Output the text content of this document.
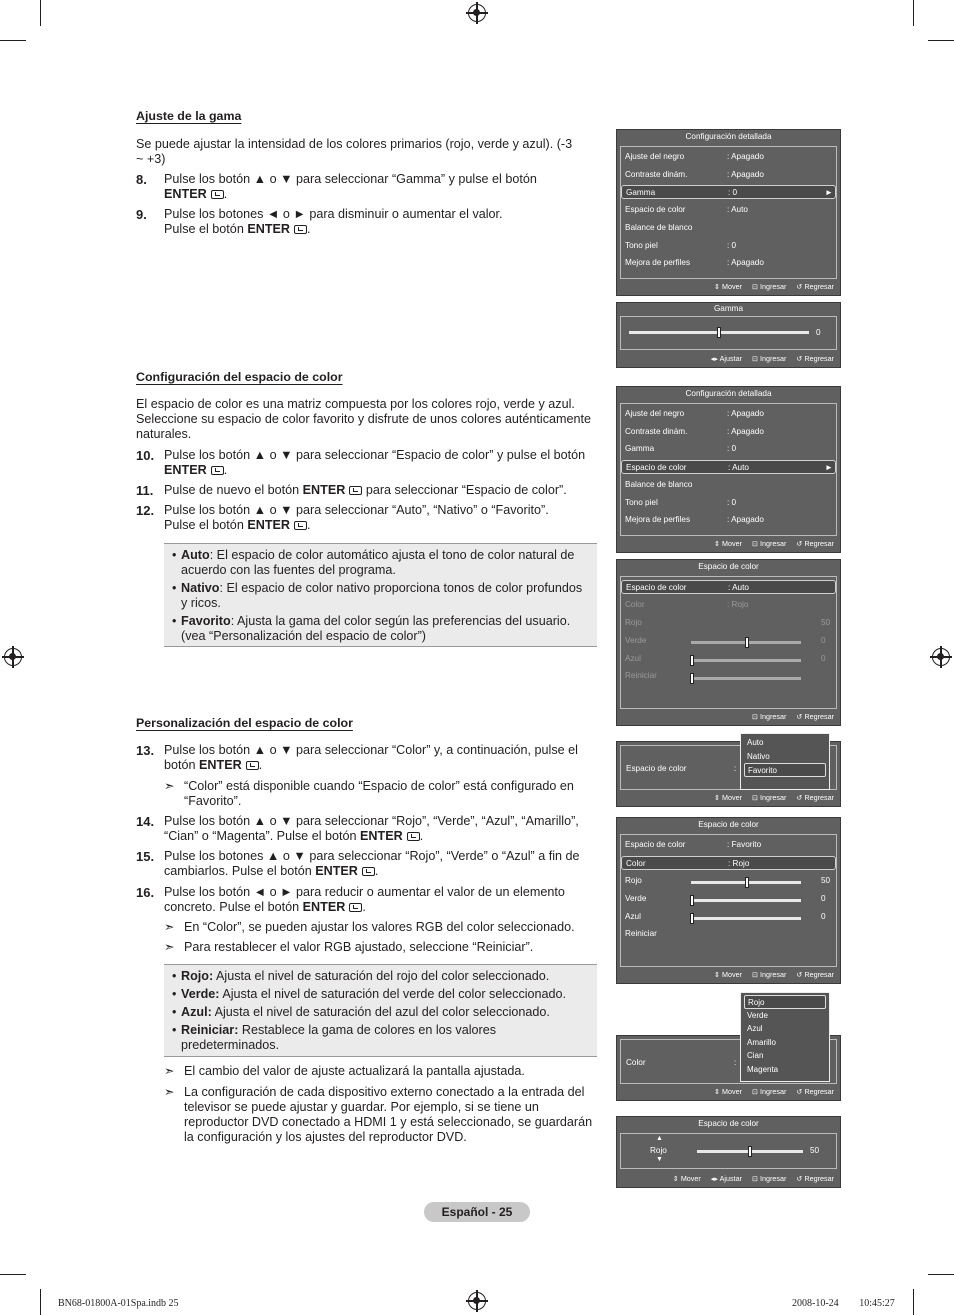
Ajuste de la gama
Se puede ajustar la intensidad de los colores primarios (rojo, verde y azul). (-3 ~ +3)
8. Pulse los botón ▲ o ▼ para seleccionar “Gamma” y pulse el botón
ENTER .
9. Pulse los botones ◄ o ► para disminuir o aumentar el valor.
Pulse el botón ENTER .
Configuración del espacio de color
El espacio de color es una matriz compuesta por los colores rojo, verde y azul. Seleccione su espacio de color favorito y disfrute de unos colores auténticamente naturales.
10. Pulse los botón ▲ o ▼ para seleccionar “Espacio de color” y pulse el botón
ENTER .
11. Pulse de nuevo el botón ENTER para seleccionar “Espacio de color”.
12. Pulse los botón ▲ o ▼ para seleccionar “Auto”, “Nativo” o “Favorito”.
Pulse el botón ENTER .
• Auto: El espacio de color automático ajusta el tono de color natural de acuerdo con las fuentes del programa.
• Nativo: El espacio de color nativo proporciona tonos de color profundos y ricos.
• Favorito: Ajusta la gama del color según las preferencias del usuario. (vea “Personalización del espacio de color”)
Personalización del espacio de color
13. Pulse los botón ▲ o ▼ para seleccionar “Color” y, a continuación, pulse el botón ENTER .
➣ “Color” está disponible cuando “Espacio de color” está configurado en “Favorito”.
14. Pulse los botón ▲ o ▼ para seleccionar “Rojo”, “Verde”, “Azul”, “Amarillo”, “Cian” o “Magenta”. Pulse el botón ENTER .
15. Pulse los botones ▲ o ▼ para seleccionar “Rojo”, “Verde” o “Azul” a fin de cambiarlos. Pulse el botón ENTER .
16. Pulse los botón ◄ o ► para reducir o aumentar el valor de un elemento concreto. Pulse el botón ENTER .
➣ En “Color”, se pueden ajustar los valores RGB del color seleccionado.
➣ Para restablecer el valor RGB ajustado, seleccione “Reiniciar”.
• Rojo: Ajusta el nivel de saturación del rojo del color seleccionado.
• Verde: Ajusta el nivel de saturación del verde del color seleccionado.
• Azul: Ajusta el nivel de saturación del azul del color seleccionado.
• Reiniciar: Restablece la gama de colores en los valores predeterminados.
➣ El cambio del valor de ajuste actualizará la pantalla ajustada.
➣ La configuración de cada dispositivo externo conectado a la entrada del televisor se puede ajustar y guardar. Por ejemplo, si se tiene un reproductor DVD conectado a HDMI 1 y está seleccionado, se guardarán la configuración y los ajustes del reproductor DVD.
Configuración detallada
Ajuste del negro	: Apagado
Contraste dinám.	: Apagado
Gamma	: 0	►
Espacio de color	: Auto
Balance de blanco
Tono piel	: 0
Mejora de perfiles	: Apagado
⇕ Mover ⊡ Ingresar ↺ Regresar
Gamma
0
◂▸ Ajustar ⊡ Ingresar ↺ Regresar
Configuración detallada
Ajuste del negro	: Apagado
Contraste dinám.	: Apagado
Gamma	: 0
Espacio de color	: Auto	►
Balance de blanco
Tono piel	: 0
Mejora de perfiles	: Apagado
⇕ Mover ⊡ Ingresar ↺ Regresar
Espacio de color
Espacio de color	: Auto
Color	: Rojo
Rojo	50
Verde	0
Azul	0
Reiniciar
⊡ Ingresar ↺ Regresar
Espacio de color	:
⇕ Mover ⊡ Ingresar ↺ Regresar
Auto
Nativo
Favorito
Espacio de color
Espacio de color	: Favorito
Color	: Rojo
Rojo	50
Verde	0
Azul	0
Reiniciar
⇕ Mover ⊡ Ingresar ↺ Regresar
Color	:
⇕ Mover ⊡ Ingresar ↺ Regresar
Rojo
Verde
Azul
Amarillo
Cian
Magenta
Espacio de color
▲
Rojo
▼
50
⇕ Mover ◂▸ Ajustar ⊡ Ingresar ↺ Regresar
Español - 25
BN68-01800A-01Spa.indb 25	2008-10-24 ￾￾ 10:45:27
